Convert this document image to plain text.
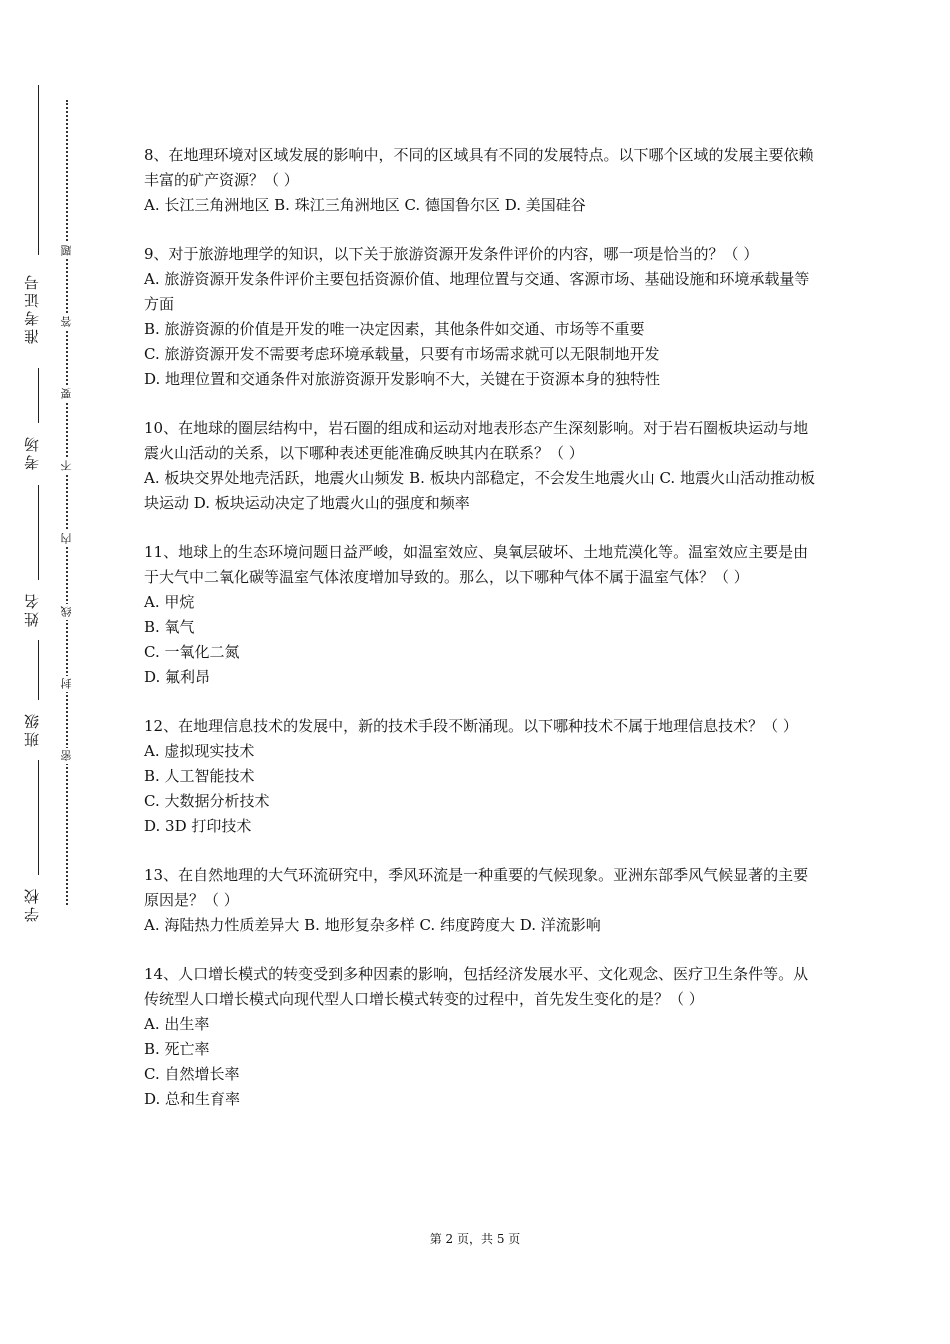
准考证号
考场
姓名
班级
学校
题
答
要
不
内
线
封
密

8、在地理环境对区域发展的影响中，不同的区域具有不同的发展特点。以下哪个区域的发展主要依赖丰富的矿产资源？（ ）

A. 长江三角洲地区 B. 珠江三角洲地区 C. 德国鲁尔区 D. 美国硅谷

9、对于旅游地理学的知识，以下关于旅游资源开发条件评价的内容，哪一项是恰当的？（ ）

A. 旅游资源开发条件评价主要包括资源价值、地理位置与交通、客源市场、基础设施和环境承载量等方面

B. 旅游资源的价值是开发的唯一决定因素，其他条件如交通、市场等不重要

C. 旅游资源开发不需要考虑环境承载量，只要有市场需求就可以无限制地开发

D. 地理位置和交通条件对旅游资源开发影响不大，关键在于资源本身的独特性

10、在地球的圈层结构中，岩石圈的组成和运动对地表形态产生深刻影响。对于岩石圈板块运动与地震火山活动的关系，以下哪种表述更能准确反映其内在联系？（ ）

A. 板块交界处地壳活跃，地震火山频发 B. 板块内部稳定，不会发生地震火山 C. 地震火山活动推动板块运动 D. 板块运动决定了地震火山的强度和频率

11、地球上的生态环境问题日益严峻，如温室效应、臭氧层破坏、土地荒漠化等。温室效应主要是由于大气中二氧化碳等温室气体浓度增加导致的。那么，以下哪种气体不属于温室气体？（ ）

A. 甲烷

B. 氧气

C. 一氧化二氮

D. 氟利昂

12、在地理信息技术的发展中，新的技术手段不断涌现。以下哪种技术不属于地理信息技术？（ ）

A. 虚拟现实技术

B. 人工智能技术

C. 大数据分析技术

D. 3D 打印技术

13、在自然地理的大气环流研究中，季风环流是一种重要的气候现象。亚洲东部季风气候显著的主要原因是？（ ）

A. 海陆热力性质差异大 B. 地形复杂多样 C. 纬度跨度大 D. 洋流影响

14、人口增长模式的转变受到多种因素的影响，包括经济发展水平、文化观念、医疗卫生条件等。从传统型人口增长模式向现代型人口增长模式转变的过程中，首先发生变化的是？（ ）

A. 出生率

B. 死亡率

C. 自然增长率

D. 总和生育率

第 2 页，共 5 页
